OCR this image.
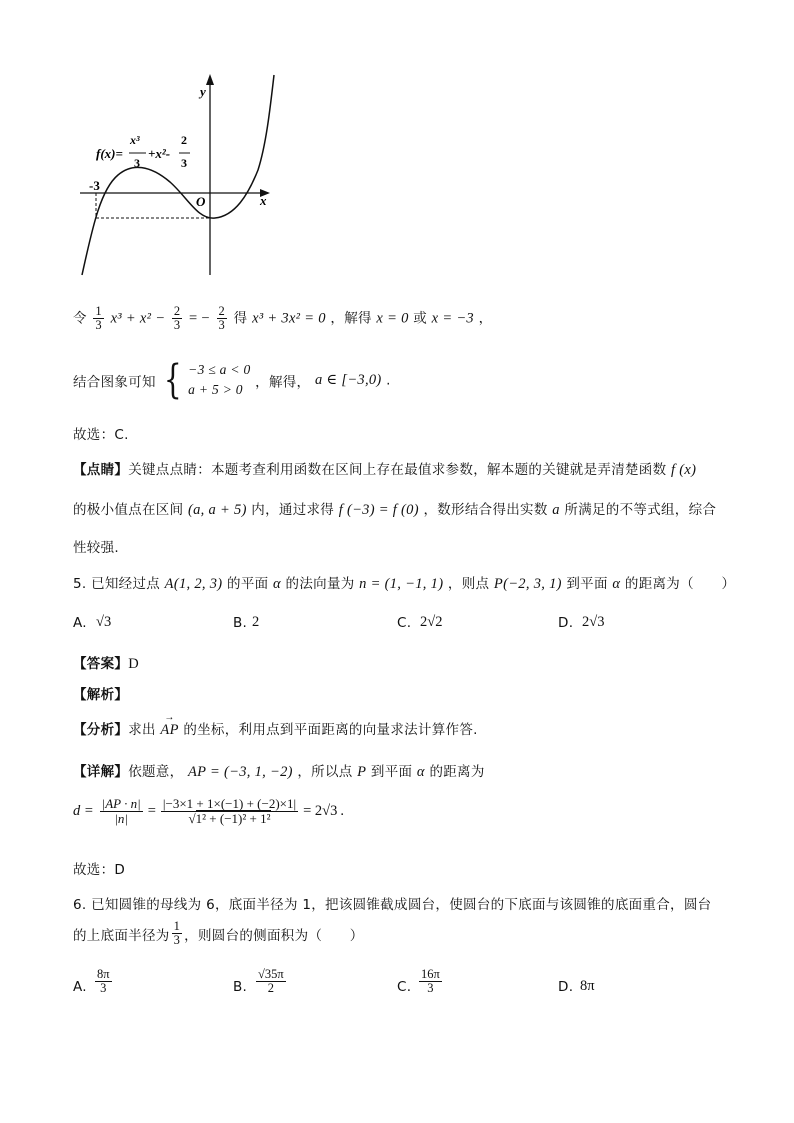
-3
O	x
y
f(x)=
x³
3
+x²-
2
3
令 $\frac{1}{3} x^3 + x^2 - \frac{2}{3}$ = − $\frac{2}{3}$ 得 x³ + 3x² = 0 ，解得 x = 0 或 x = −3 ，
结合图象可知 { −3 ≤ a < 0
a + 5 > 0 ，解得， a ∈ [−3,0) .
故选：C.
【点睛】关键点点睛：本题考查利用函数在区间上存在最值求参数，解本题的关键就是弄清楚函数 f (x)
的极小值点在区间 (a, a + 5) 内，通过求得 f (−3) = f (0) ，数形结合得出实数 a 所满足的不等式组，综合
性较强.
5. 已知经过点 A(1, 2, 3) 的平面 α 的法向量为 n = (1, −1, 1) ，则点 P(−2, 3, 1) 到平面 α 的距离为（　　）
A. √3	B. 2	C. 2√2	D. 2√3
【答案】D
【解析】
【分析】求出 → AP 的坐标，利用点到平面距离的向量求法计算作答.
【详解】依题意， AP = (−3, 1, −2) ，所以点 P 到平面 α 的距离为
$d = \frac{|AP \cdot n|}{|n|} = \frac{|-3\times 1 + 1\times(-1) + (-2)\times 1|}{\text{√1² + (−1)² + 1²}} = 2√3$ .
故选：D
6. 已知圆锥的母线为 6，底面半径为 1，把该圆锥截成圆台，使圆台的下底面与该圆锥的底面重合，圆台
的上底面半径为 $\frac{1}{3}$ ，则圆台的侧面积为（　　）
A. $\frac{8\pi}{3}$	B. $\frac{√35\pi}{2}$	C. $\frac{16\pi}{3}$	D. 8π
